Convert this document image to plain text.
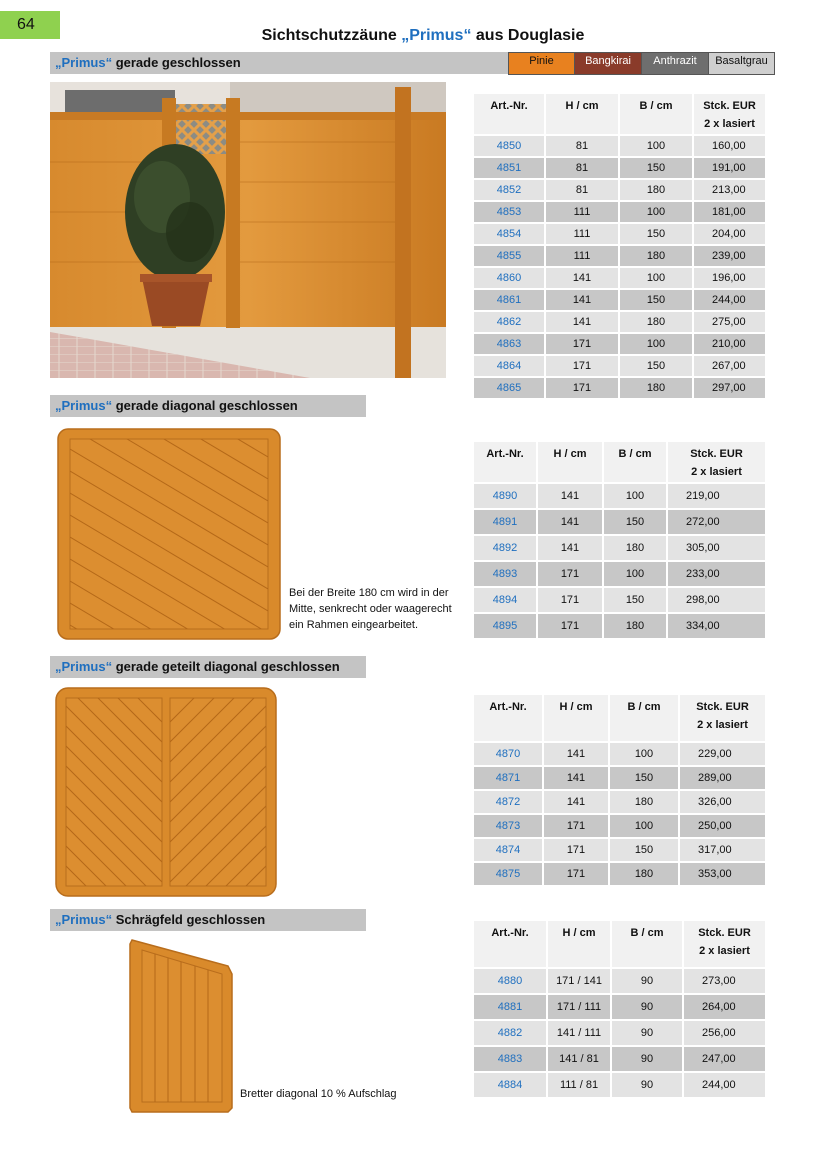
64
Sichtschutzzäune „Primus“ aus Douglasie
„Primus“ gerade geschlossen	Pinie	Bangkirai	Anthrazit	Basaltgrau
Art.-Nr.	H / cm	B / cm	Stck. EUR
2 x lasiert
4850	81	100	160,00
4851	81	150	191,00
4852	81	180	213,00
4853	111	100	181,00
4854	111	150	204,00
4855	111	180	239,00
4860	141	100	196,00
4861	141	150	244,00
4862	141	180	275,00
4863	171	100	210,00
4864	171	150	267,00
4865	171	180	297,00
„Primus“ gerade diagonal geschlossen
Bei der Breite 180 cm wird in der
Mitte, senkrecht oder waagerecht
ein Rahmen eingearbeitet.
Art.-Nr.	H / cm	B / cm	Stck. EUR
2 x lasiert
4890	141	100	219,00
4891	141	150	272,00
4892	141	180	305,00
4893	171	100	233,00
4894	171	150	298,00
4895	171	180	334,00
„Primus“ gerade geteilt diagonal geschlossen
Art.-Nr.	H / cm	B / cm	Stck. EUR
2 x lasiert
4870	141	100	229,00
4871	141	150	289,00
4872	141	180	326,00
4873	171	100	250,00
4874	171	150	317,00
4875	171	180	353,00
„Primus“ Schrägfeld geschlossen
Bretter diagonal 10 % Aufschlag
Art.-Nr.	H / cm	B / cm	Stck. EUR
2 x lasiert
4880	171 / 141	90	273,00
4881	171 / 111	90	264,00
4882	141 / 111	90	256,00
4883	141 / 81	90	247,00
4884	111 / 81	90	244,00
